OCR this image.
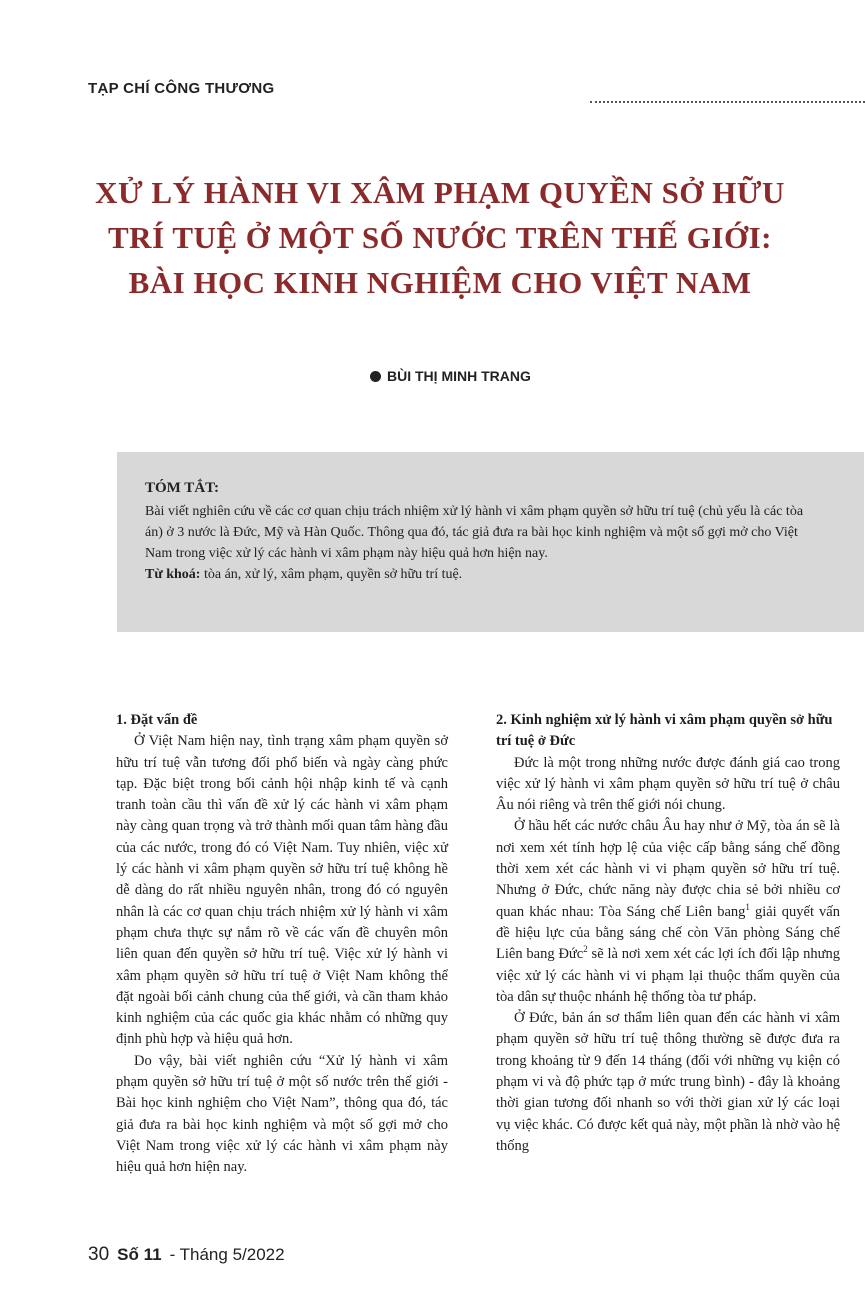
TẠP CHÍ CÔNG THƯƠNG
XỬ LÝ HÀNH VI XÂM PHẠM QUYỀN SỞ HỮU
TRÍ TUỆ Ở MỘT SỐ NƯỚC TRÊN THẾ GIỚI:
BÀI HỌC KINH NGHIỆM CHO VIỆT NAM
BÙI THỊ MINH TRANG
TÓM TẮT:

Bài viết nghiên cứu về các cơ quan chịu trách nhiệm xử lý hành vi xâm phạm quyền sở hữu trí tuệ (chủ yếu là các tòa án) ở 3 nước là Đức, Mỹ và Hàn Quốc. Thông qua đó, tác giả đưa ra bài học kinh nghiệm và một số gợi mở cho Việt Nam trong việc xử lý các hành vi xâm phạm này hiệu quả hơn hiện nay.

Từ khoá: tòa án, xử lý, xâm phạm, quyền sở hữu trí tuệ.

1. Đặt vấn đề

Ở Việt Nam hiện nay, tình trạng xâm phạm quyền sở hữu trí tuệ vẫn tương đối phổ biến và ngày càng phức tạp. Đặc biệt trong bối cảnh hội nhập kinh tế và cạnh tranh toàn cầu thì vấn đề xử lý các hành vi xâm phạm này càng quan trọng và trở thành mối quan tâm hàng đầu của các nước, trong đó có Việt Nam. Tuy nhiên, việc xử lý các hành vi xâm phạm quyền sở hữu trí tuệ không hề dễ dàng do rất nhiều nguyên nhân, trong đó có nguyên nhân là các cơ quan chịu trách nhiệm xử lý hành vi xâm phạm chưa thực sự nắm rõ về các vấn đề chuyên môn liên quan đến quyền sở hữu trí tuệ. Việc xử lý hành vi xâm phạm quyền sở hữu trí tuệ ở Việt Nam không thể đặt ngoài bối cảnh chung của thế giới, và cần tham khảo kinh nghiệm của các quốc gia khác nhằm có những quy định phù hợp và hiệu quả hơn.

Do vậy, bài viết nghiên cứu “Xử lý hành vi xâm phạm quyền sở hữu trí tuệ ở một số nước trên thế giới - Bài học kinh nghiệm cho Việt Nam”, thông qua đó, tác giả đưa ra bài học kinh nghiệm và một số gợi mở cho Việt Nam trong việc xử lý các hành vi xâm phạm này hiệu quả hơn hiện nay.

2. Kinh nghiệm xử lý hành vi xâm phạm quyền sở hữu trí tuệ ở Đức

Đức là một trong những nước được đánh giá cao trong việc xử lý hành vi xâm phạm quyền sở hữu trí tuệ ở châu Âu nói riêng và trên thế giới nói chung.

Ở hầu hết các nước châu Âu hay như ở Mỹ, tòa án sẽ là nơi xem xét tính hợp lệ của việc cấp bằng sáng chế đồng thời xem xét các hành vi vi phạm quyền sở hữu trí tuệ. Nhưng ở Đức, chức năng này được chia sẻ bởi nhiều cơ quan khác nhau: Tòa Sáng chế Liên bang$^1$ giải quyết vấn đề hiệu lực của bằng sáng chế còn Văn phòng Sáng chế Liên bang Đức$^2$ sẽ là nơi xem xét các lợi ích đối lập nhưng việc xử lý các hành vi vi phạm lại thuộc thẩm quyền của tòa dân sự thuộc nhánh hệ thống tòa tư pháp.

Ở Đức, bản án sơ thẩm liên quan đến các hành vi xâm phạm quyền sở hữu trí tuệ thông thường sẽ được đưa ra trong khoảng từ 9 đến 14 tháng (đối với những vụ kiện có phạm vi và độ phức tạp ở mức trung bình) - đây là khoảng thời gian tương đối nhanh so với thời gian xử lý các loại vụ việc khác. Có được kết quả này, một phần là nhờ vào hệ thống

30 Số 11 - Tháng 5/2022
